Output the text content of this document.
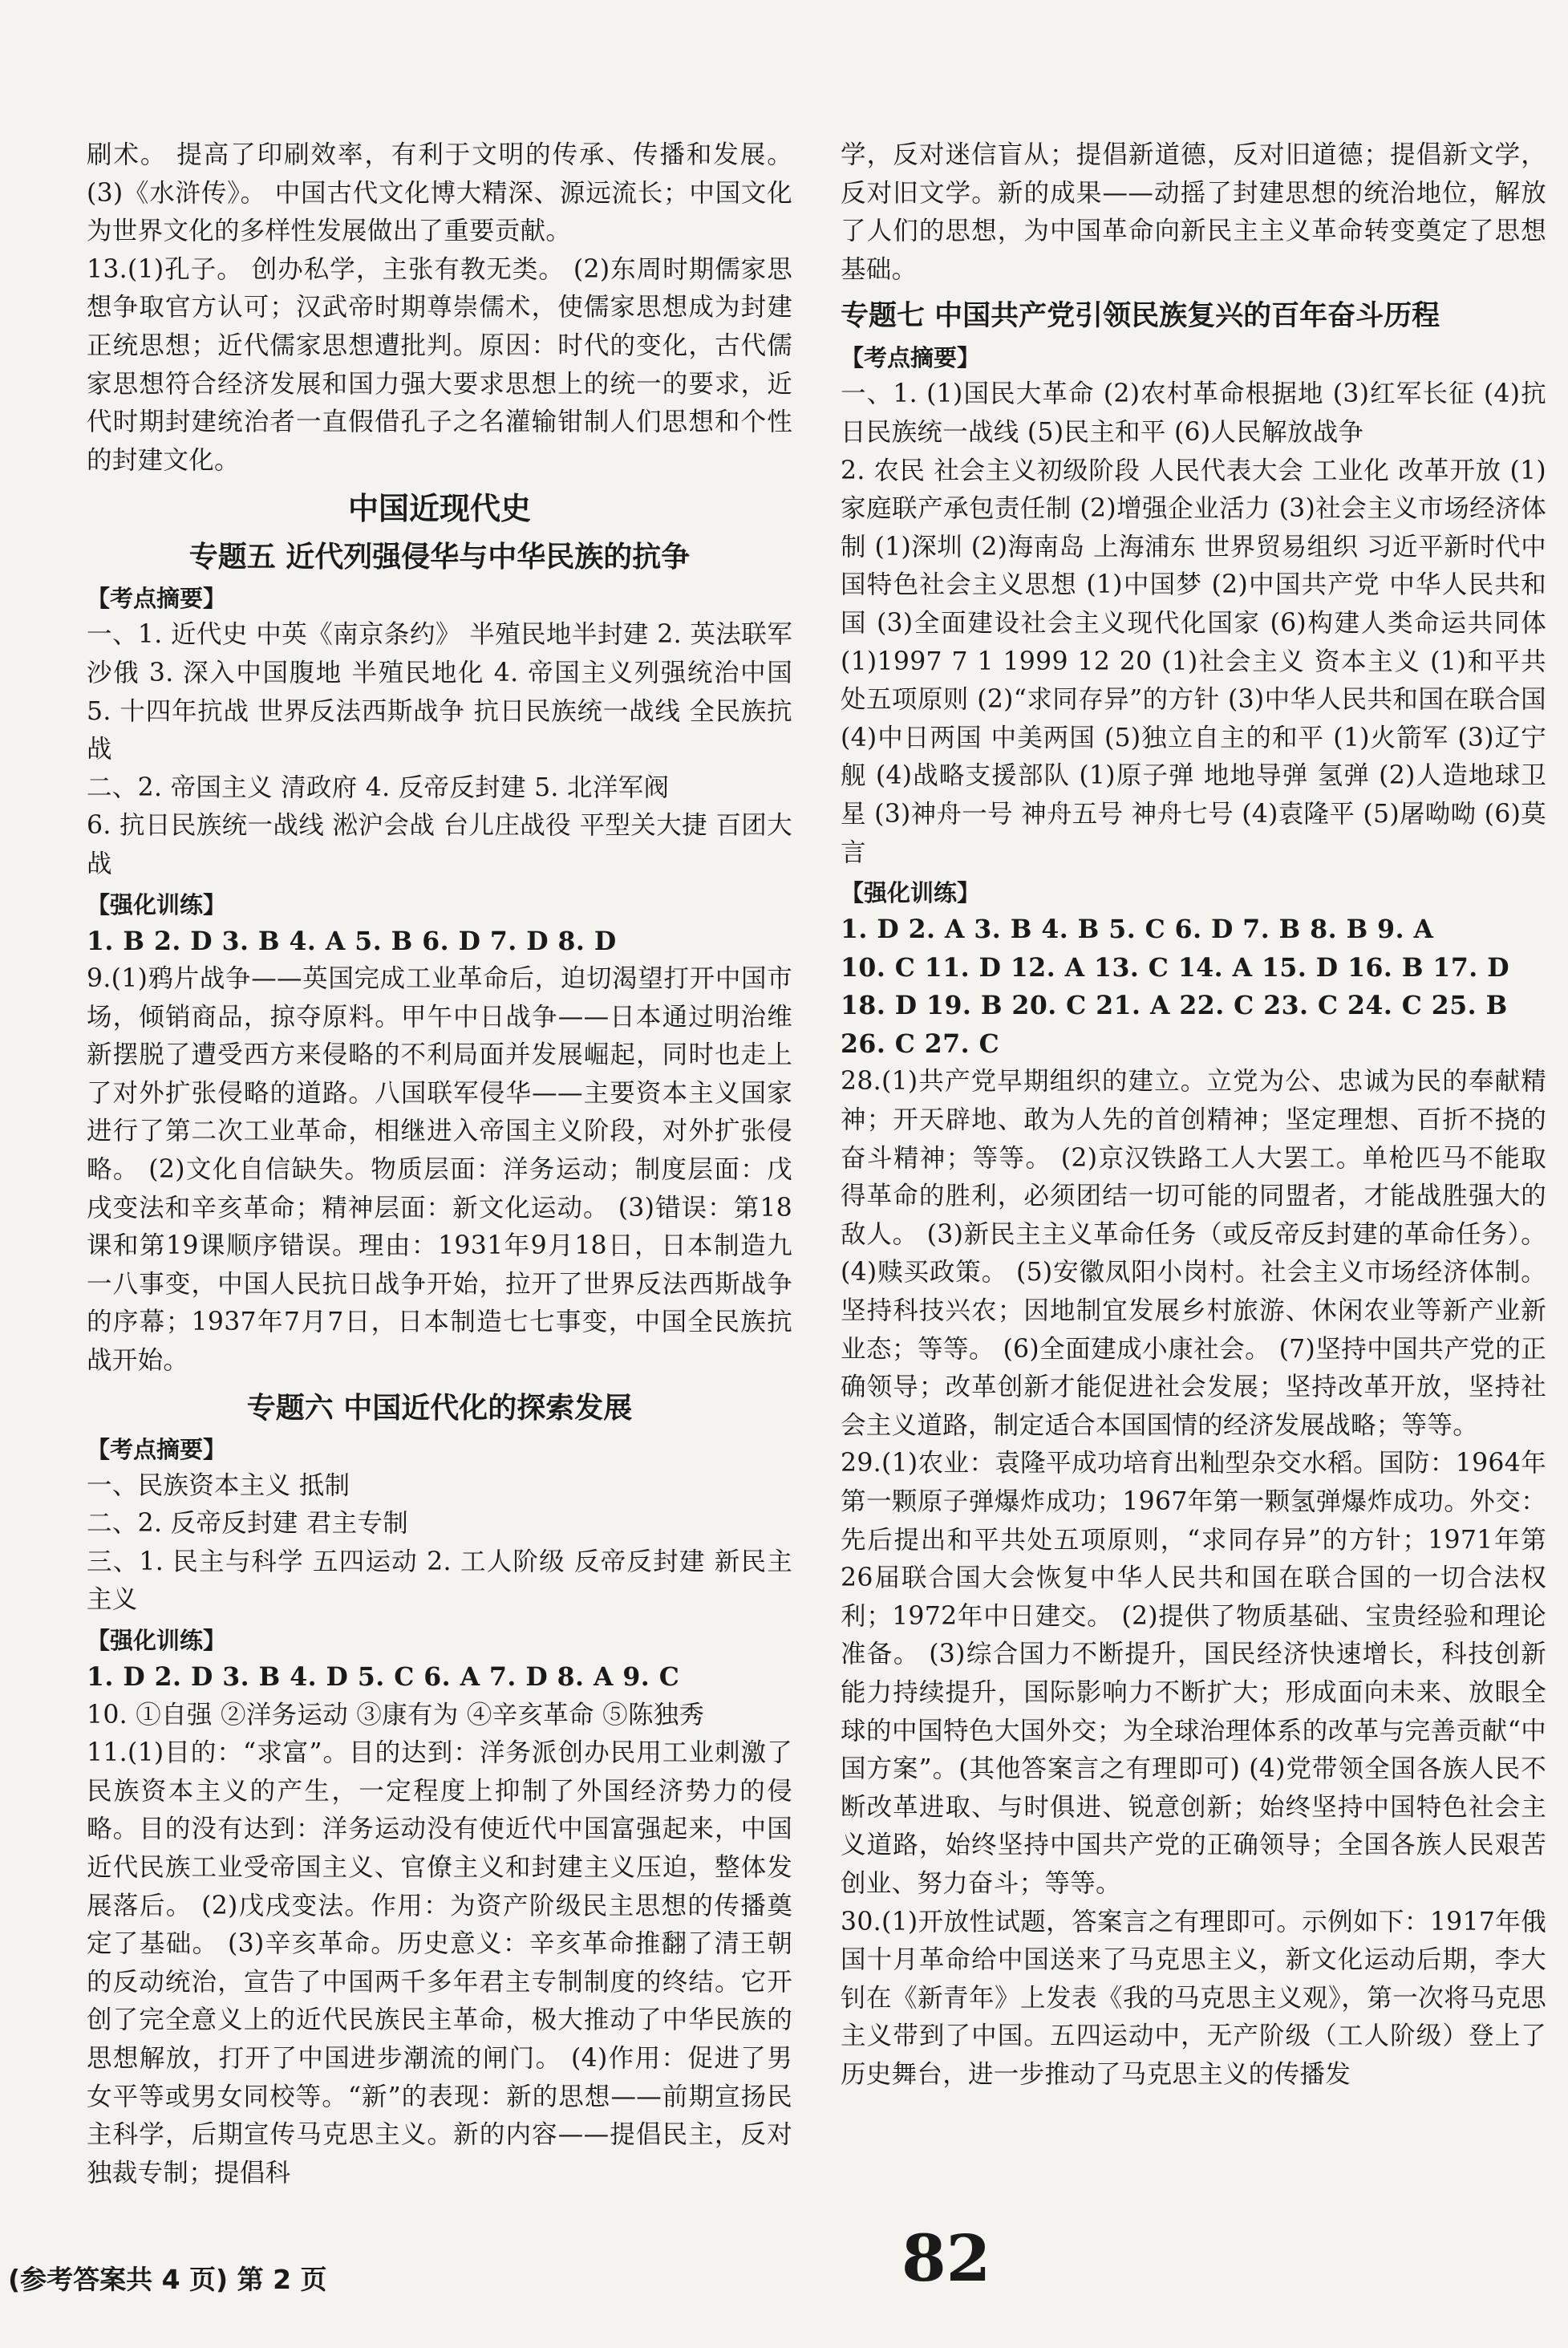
刷术。 提高了印刷效率，有利于文明的传承、传播和发展。 (3)《水浒传》。 中国古代文化博大精深、源远流长；中国文化为世界文化的多样性发展做出了重要贡献。

13.(1)孔子。 创办私学，主张有教无类。 (2)东周时期儒家思想争取官方认可；汉武帝时期尊崇儒术，使儒家思想成为封建正统思想；近代儒家思想遭批判。原因：时代的变化，古代儒家思想符合经济发展和国力强大要求思想上的统一的要求，近代时期封建统治者一直假借孔子之名灌输钳制人们思想和个性的封建文化。

中国近现代史
专题五 近代列强侵华与中华民族的抗争
【考点摘要】

一、1. 近代史 中英《南京条约》 半殖民地半封建 2. 英法联军 沙俄 3. 深入中国腹地 半殖民地化 4. 帝国主义列强统治中国 5. 十四年抗战 世界反法西斯战争 抗日民族统一战线 全民族抗战

二、2. 帝国主义 清政府 4. 反帝反封建 5. 北洋军阀

6. 抗日民族统一战线 淞沪会战 台儿庄战役 平型关大捷 百团大战

【强化训练】

1. B 2. D 3. B 4. A 5. B 6. D 7. D 8. D

9.(1)鸦片战争——英国完成工业革命后，迫切渴望打开中国市场，倾销商品，掠夺原料。甲午中日战争——日本通过明治维新摆脱了遭受西方来侵略的不利局面并发展崛起，同时也走上了对外扩张侵略的道路。八国联军侵华——主要资本主义国家进行了第二次工业革命，相继进入帝国主义阶段，对外扩张侵略。 (2)文化自信缺失。物质层面：洋务运动；制度层面：戊戌变法和辛亥革命；精神层面：新文化运动。 (3)错误：第18课和第19课顺序错误。理由：1931年9月18日，日本制造九一八事变，中国人民抗日战争开始，拉开了世界反法西斯战争的序幕；1937年7月7日，日本制造七七事变，中国全民族抗战开始。

专题六 中国近代化的探索发展
【考点摘要】

一、民族资本主义 抵制

二、2. 反帝反封建 君主专制

三、1. 民主与科学 五四运动 2. 工人阶级 反帝反封建 新民主主义

【强化训练】

1. D 2. D 3. B 4. D 5. C 6. A 7. D 8. A 9. C

10. ①自强 ②洋务运动 ③康有为 ④辛亥革命 ⑤陈独秀

11.(1)目的：“求富”。目的达到：洋务派创办民用工业刺激了民族资本主义的产生，一定程度上抑制了外国经济势力的侵略。目的没有达到：洋务运动没有使近代中国富强起来，中国近代民族工业受帝国主义、官僚主义和封建主义压迫，整体发展落后。 (2)戊戌变法。作用：为资产阶级民主思想的传播奠定了基础。 (3)辛亥革命。历史意义：辛亥革命推翻了清王朝的反动统治，宣告了中国两千多年君主专制制度的终结。它开创了完全意义上的近代民族民主革命，极大推动了中华民族的思想解放，打开了中国进步潮流的闸门。 (4)作用：促进了男女平等或男女同校等。“新”的表现：新的思想——前期宣扬民主科学，后期宣传马克思主义。新的内容——提倡民主，反对独裁专制；提倡科

学，反对迷信盲从；提倡新道德，反对旧道德；提倡新文学，反对旧文学。新的成果——动摇了封建思想的统治地位，解放了人们的思想，为中国革命向新民主主义革命转变奠定了思想基础。

专题七 中国共产党引领民族复兴的百年奋斗历程
【考点摘要】

一、1. (1)国民大革命 (2)农村革命根据地 (3)红军长征 (4)抗日民族统一战线 (5)民主和平 (6)人民解放战争

2. 农民 社会主义初级阶段 人民代表大会 工业化 改革开放 (1)家庭联产承包责任制 (2)增强企业活力 (3)社会主义市场经济体制 (1)深圳 (2)海南岛 上海浦东 世界贸易组织 习近平新时代中国特色社会主义思想 (1)中国梦 (2)中国共产党 中华人民共和国 (3)全面建设社会主义现代化国家 (6)构建人类命运共同体 (1)1997 7 1 1999 12 20 (1)社会主义 资本主义 (1)和平共处五项原则 (2)“求同存异”的方针 (3)中华人民共和国在联合国 (4)中日两国 中美两国 (5)独立自主的和平 (1)火箭军 (3)辽宁舰 (4)战略支援部队 (1)原子弹 地地导弹 氢弹 (2)人造地球卫星 (3)神舟一号 神舟五号 神舟七号 (4)袁隆平 (5)屠呦呦 (6)莫言

【强化训练】

1. D 2. A 3. B 4. B 5. C 6. D 7. B 8. B 9. A

10. C 11. D 12. A 13. C 14. A 15. D 16. B 17. D

18. D 19. B 20. C 21. A 22. C 23. C 24. C 25. B

26. C 27. C

28.(1)共产党早期组织的建立。立党为公、忠诚为民的奉献精神；开天辟地、敢为人先的首创精神；坚定理想、百折不挠的奋斗精神；等等。 (2)京汉铁路工人大罢工。单枪匹马不能取得革命的胜利，必须团结一切可能的同盟者，才能战胜强大的敌人。 (3)新民主主义革命任务（或反帝反封建的革命任务）。 (4)赎买政策。 (5)安徽凤阳小岗村。社会主义市场经济体制。坚持科技兴农；因地制宜发展乡村旅游、休闲农业等新产业新业态；等等。 (6)全面建成小康社会。 (7)坚持中国共产党的正确领导；改革创新才能促进社会发展；坚持改革开放，坚持社会主义道路，制定适合本国国情的经济发展战略；等等。

29.(1)农业：袁隆平成功培育出籼型杂交水稻。国防：1964年第一颗原子弹爆炸成功；1967年第一颗氢弹爆炸成功。外交：先后提出和平共处五项原则，“求同存异”的方针；1971年第26届联合国大会恢复中华人民共和国在联合国的一切合法权利；1972年中日建交。 (2)提供了物质基础、宝贵经验和理论准备。 (3)综合国力不断提升，国民经济快速增长，科技创新能力持续提升，国际影响力不断扩大；形成面向未来、放眼全球的中国特色大国外交；为全球治理体系的改革与完善贡献“中国方案”。(其他答案言之有理即可) (4)党带领全国各族人民不断改革进取、与时俱进、锐意创新；始终坚持中国特色社会主义道路，始终坚持中国共产党的正确领导；全国各族人民艰苦创业、努力奋斗；等等。

30.(1)开放性试题，答案言之有理即可。示例如下：1917年俄国十月革命给中国送来了马克思主义，新文化运动后期，李大钊在《新青年》上发表《我的马克思主义观》，第一次将马克思主义带到了中国。五四运动中，无产阶级（工人阶级）登上了历史舞台，进一步推动了马克思主义的传播发

(参考答案共 4 页) 第 2 页	82
